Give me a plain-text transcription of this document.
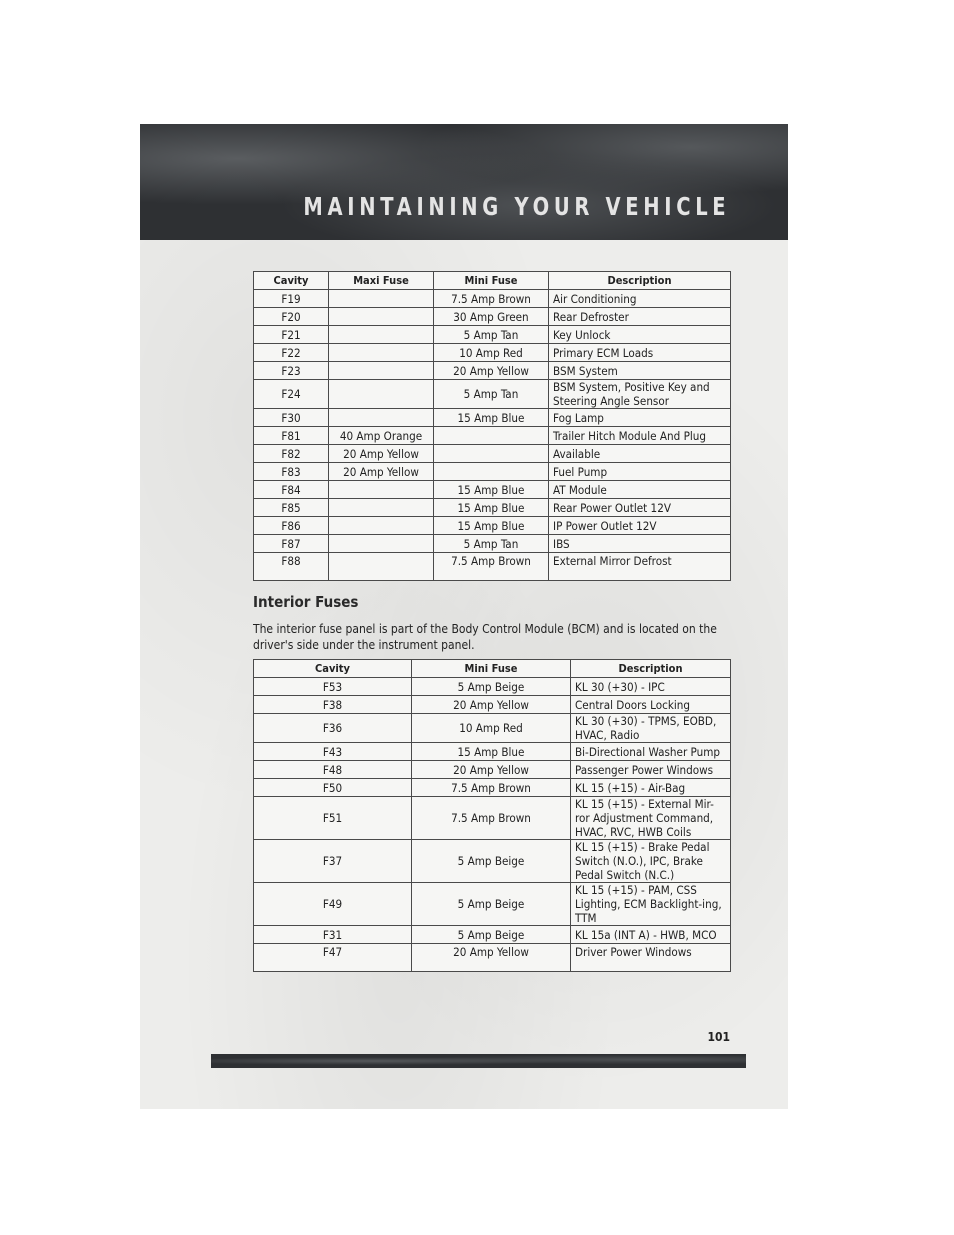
MAINTAINING YOUR VEHICLE
Cavity	Maxi Fuse	Mini Fuse	Description
F19		7.5 Amp Brown	Air Conditioning
F20		30 Amp Green	Rear Defroster
F21		5 Amp Tan	Key Unlock
F22		10 Amp Red	Primary ECM Loads
F23		20 Amp Yellow	BSM System
F24		5 Amp Tan	BSM System, Positive Key and Steering Angle Sensor
F30		15 Amp Blue	Fog Lamp
F81	40 Amp Orange		Trailer Hitch Module And Plug
F82	20 Amp Yellow		Available
F83	20 Amp Yellow		Fuel Pump
F84		15 Amp Blue	AT Module
F85		15 Amp Blue	Rear Power Outlet 12V
F86		15 Amp Blue	IP Power Outlet 12V
F87		5 Amp Tan	IBS
F88		7.5 Amp Brown	External Mirror Defrost
Interior Fuses
The interior fuse panel is part of the Body Control Module (BCM) and is located on the driver's side under the instrument panel.
Cavity	Mini Fuse	Description
F53	5 Amp Beige	KL 30 (+30) - IPC
F38	20 Amp Yellow	Central Doors Locking
F36	10 Amp Red	KL 30 (+30) - TPMS, EOBD, HVAC, Radio
F43	15 Amp Blue	Bi-Directional Washer Pump
F48	20 Amp Yellow	Passenger Power Windows
F50	7.5 Amp Brown	KL 15 (+15) - Air-Bag
F51	7.5 Amp Brown	KL 15 (+15) - External Mir-ror Adjustment Command, HVAC, RVC, HWB Coils
F37	5 Amp Beige	KL 15 (+15) - Brake Pedal Switch (N.O.), IPC, Brake Pedal Switch (N.C.)
F49	5 Amp Beige	KL 15 (+15) - PAM, CSS Lighting, ECM Backlight-ing, TTM
F31	5 Amp Beige	KL 15a (INT A) - HWB, MCO
F47	20 Amp Yellow	Driver Power Windows
101
